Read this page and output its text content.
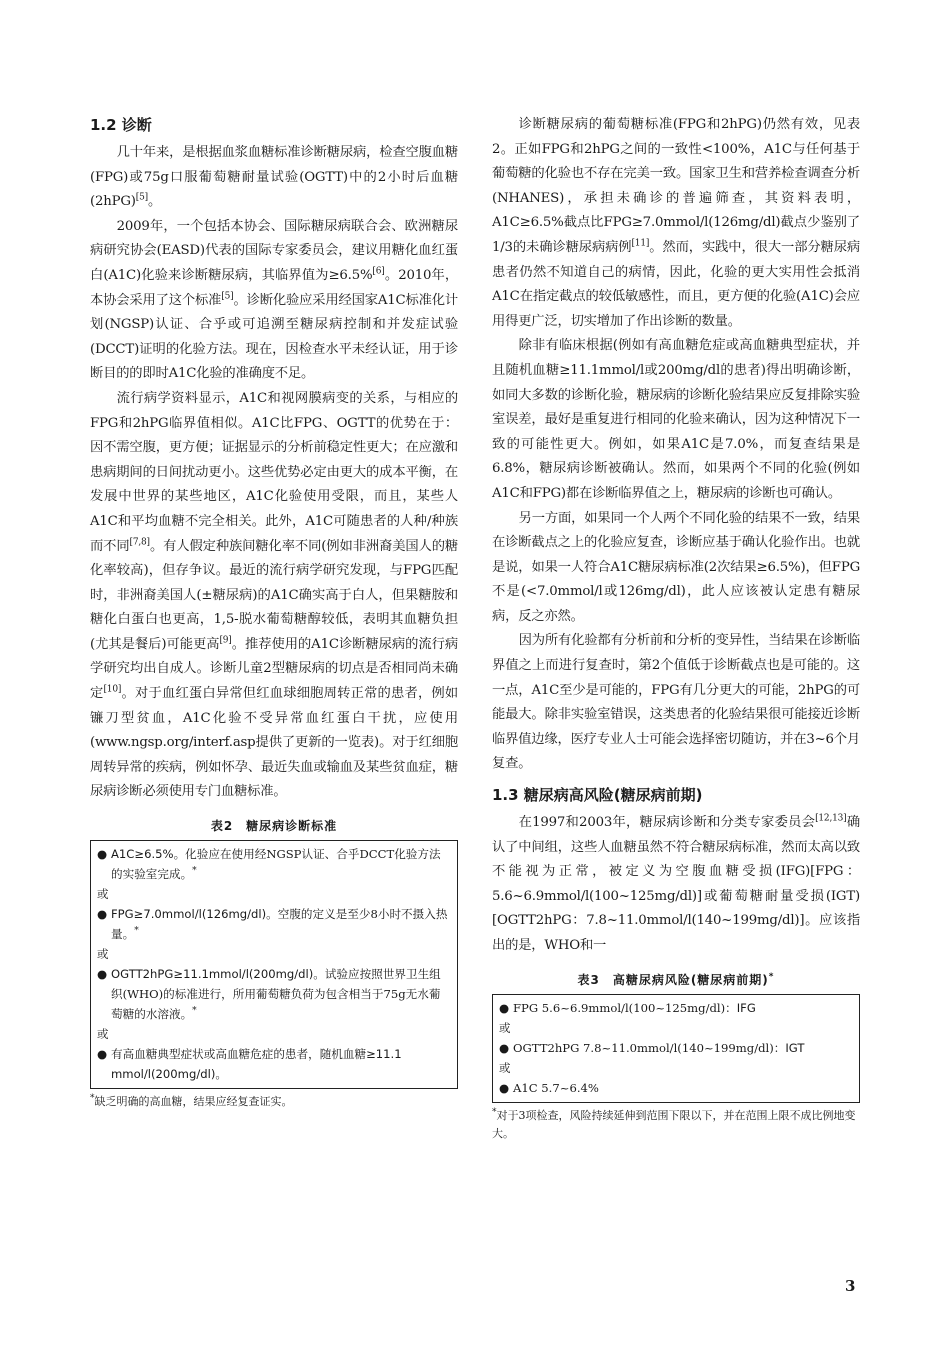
1.2 诊断

几十年来，是根据血浆血糖标准诊断糖尿病，检查空腹血糖(FPG)或75g口服葡萄糖耐量试验(OGTT)中的2小时后血糖(2hPG)[5]。

2009年，一个包括本协会、国际糖尿病联合会、欧洲糖尿病研究协会(EASD)代表的国际专家委员会，建议用糖化血红蛋白(A1C)化验来诊断糖尿病，其临界值为≥6.5%[6]。2010年，本协会采用了这个标准[5]。诊断化验应采用经国家A1C标准化计划(NGSP)认证、合乎或可追溯至糖尿病控制和并发症试验(DCCT)证明的化验方法。现在，因检查水平未经认证，用于诊断目的的即时A1C化验的准确度不足。

流行病学资料显示，A1C和视网膜病变的关系，与相应的FPG和2hPG临界值相似。A1C比FPG、OGTT的优势在于：因不需空腹，更方便；证据显示的分析前稳定性更大；在应激和患病期间的日间扰动更小。这些优势必定由更大的成本平衡，在发展中世界的某些地区，A1C化验使用受限，而且，某些人A1C和平均血糖不完全相关。此外，A1C可随患者的人种/种族而不同[7,8]。有人假定种族间糖化率不同(例如非洲裔美国人的糖化率较高)，但存争议。最近的流行病学研究发现，与FPG匹配时，非洲裔美国人(±糖尿病)的A1C确实高于白人，但果糖胺和糖化白蛋白也更高，1,5-脱水葡萄糖醇较低，表明其血糖负担(尤其是餐后)可能更高[9]。推荐使用的A1C诊断糖尿病的流行病学研究均出自成人。诊断儿童2型糖尿病的切点是否相同尚未确定[10]。对于血红蛋白异常但红血球细胞周转正常的患者，例如镰刀型贫血，A1C化验不受异常血红蛋白干扰，应使用(www.ngsp.org/interf.asp提供了更新的一览表)。对于红细胞周转异常的疾病，例如怀孕、最近失血或输血及某些贫血症，糖尿病诊断必须使用专门血糖标准。

表2　糖尿病诊断标准
● A1C≥6.5%。化验应在使用经NGSP认证、合乎DCCT化验方法的实验室完成。*
或
● FPG≥7.0mmol/l(126mg/dl)。空腹的定义是至少8小时不摄入热量。*
或
● OGTT2hPG≥11.1mmol/l(200mg/dl)。试验应按照世界卫生组织(WHO)的标准进行，所用葡萄糖负荷为包含相当于75g无水葡萄糖的水溶液。*
或
● 有高血糖典型症状或高血糖危症的患者，随机血糖≥11.1 mmol/l(200mg/dl)。
*缺乏明确的高血糖，结果应经复查证实。

诊断糖尿病的葡萄糖标准(FPG和2hPG)仍然有效，见表2。正如FPG和2hPG之间的一致性<100%，A1C与任何基于葡萄糖的化验也不存在完美一致。国家卫生和营养检查调查分析(NHANES)，承担未确诊的普遍筛查，其资料表明，A1C≥6.5%截点比FPG≥7.0mmol/l(126mg/dl)截点少鉴别了1/3的未确诊糖尿病病例[11]。然而，实践中，很大一部分糖尿病患者仍然不知道自己的病情，因此，化验的更大实用性会抵消A1C在指定截点的较低敏感性，而且，更方便的化验(A1C)会应用得更广泛，切实增加了作出诊断的数量。

除非有临床根据(例如有高血糖危症或高血糖典型症状，并且随机血糖≥11.1mmol/l或200mg/dl的患者)得出明确诊断，如同大多数的诊断化验，糖尿病的诊断化验结果应反复排除实验室误差，最好是重复进行相同的化验来确认，因为这种情况下一致的可能性更大。例如，如果A1C是7.0%，而复查结果是6.8%，糖尿病诊断被确认。然而，如果两个不同的化验(例如A1C和FPG)都在诊断临界值之上，糖尿病的诊断也可确认。

另一方面，如果同一个人两个不同化验的结果不一致，结果在诊断截点之上的化验应复查，诊断应基于确认化验作出。也就是说，如果一人符合A1C糖尿病标准(2次结果≥6.5%)，但FPG不是(<7.0mmol/l或126mg/dl)，此人应该被认定患有糖尿病，反之亦然。

因为所有化验都有分析前和分析的变异性，当结果在诊断临界值之上而进行复查时，第2个值低于诊断截点也是可能的。这一点，A1C至少是可能的，FPG有几分更大的可能，2hPG的可能最大。除非实验室错误，这类患者的化验结果很可能接近诊断临界值边缘，医疗专业人士可能会选择密切随访，并在3~6个月复查。

1.3 糖尿病高风险(糖尿病前期)

在1997和2003年，糖尿病诊断和分类专家委员会[12,13]确认了中间组，这些人血糖虽然不符合糖尿病标准，然而太高以致不能视为正常，被定义为空腹血糖受损(IFG)[FPG：5.6~6.9mmol/l(100~125mg/dl)]或葡萄糖耐量受损(IGT)[OGTT2hPG：7.8~11.0mmol/l(140~199mg/dl)]。应该指出的是，WHO和一

表3　高糖尿病风险(糖尿病前期)*
● FPG 5.6~6.9mmol/l(100~125mg/dl)：IFG
或
● OGTT2hPG 7.8~11.0mmol/l(140~199mg/dl)：IGT
或
● A1C 5.7~6.4%
*对于3项检查，风险持续延伸到范围下限以下，并在范围上限不成比例地变大。
3
